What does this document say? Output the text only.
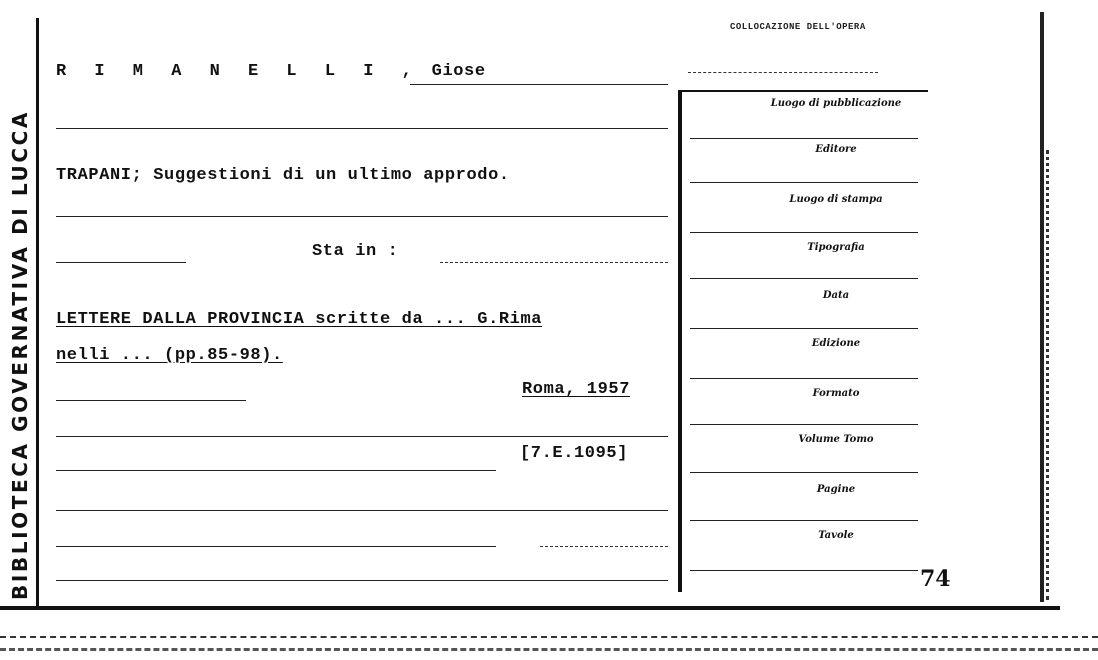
BIBLIOTECA GOVERNATIVA DI LUCCA
COLLOCAZIONE DELL'OPERA
R I M A N E L L I , Giose
TRAPANI; Suggestioni di un ultimo approdo.
Sta in :
LETTERE DALLA PROVINCIA scritte da ... G.Rima
nelli ... (pp.85-98).
Roma, 1957
[7.E.1095]
Luogo di pubblicazione
Editore
Luogo di stampa
Tipografia
Data
Edizione
Formato
Volume Tomo
Pagine
Tavole
74
